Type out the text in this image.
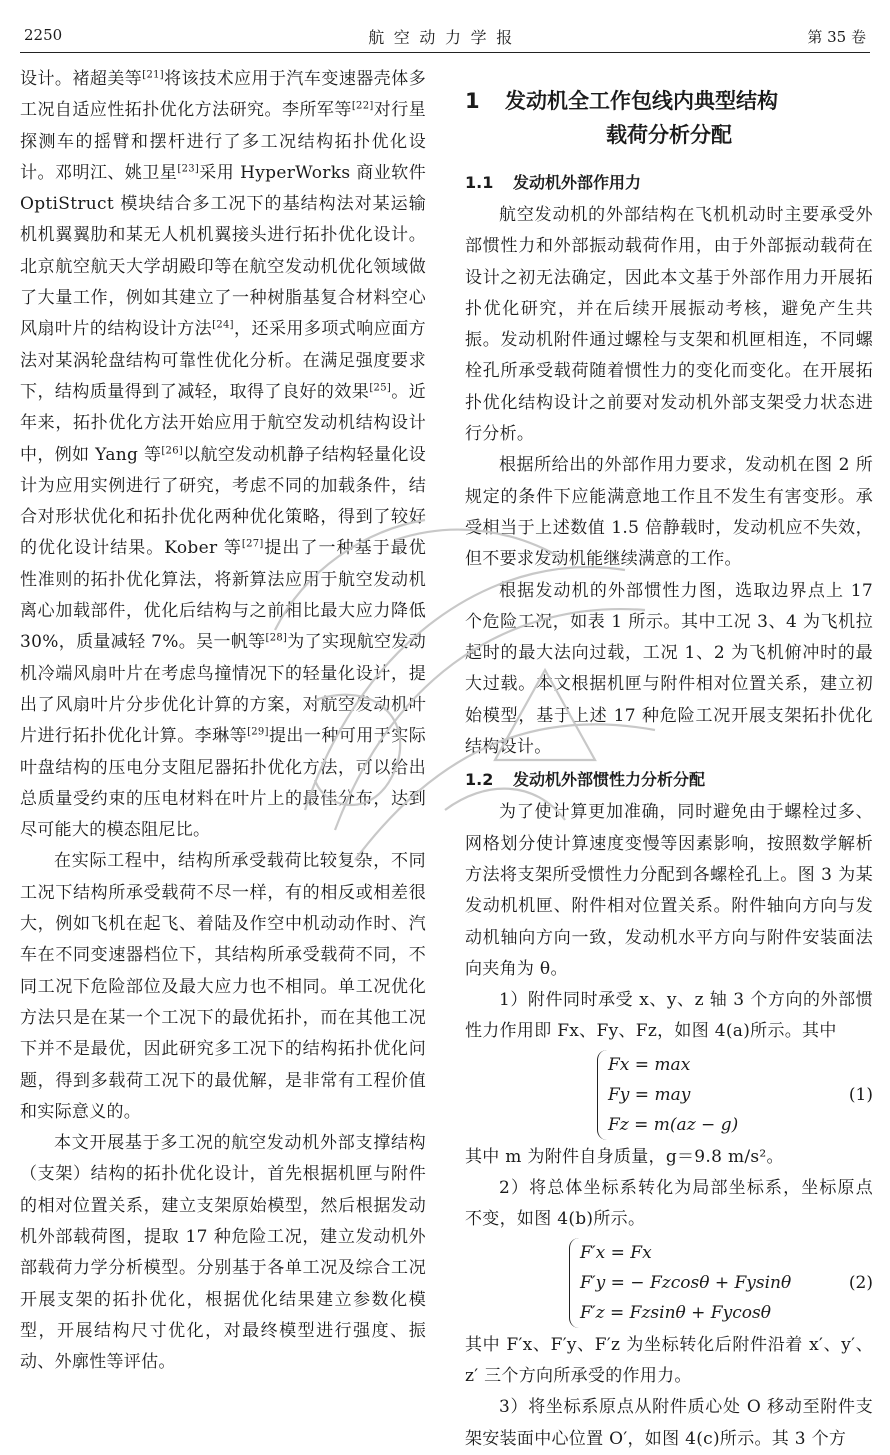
2250	航空动力学报	第 35 卷

设计。褚超美等[21]将该技术应用于汽车变速器壳体多工况自适应性拓扑优化方法研究。李所军等[22]对行星探测车的摇臂和摆杆进行了多工况结构拓扑优化设计。邓明江、姚卫星[23]采用 HyperWorks 商业软件 OptiStruct 模块结合多工况下的基结构法对某运输机机翼翼肋和某无人机机翼接头进行拓扑优化设计。北京航空航天大学胡殿印等在航空发动机优化领域做了大量工作，例如其建立了一种树脂基复合材料空心风扇叶片的结构设计方法[24]，还采用多项式响应面方法对某涡轮盘结构可靠性优化分析。在满足强度要求下，结构质量得到了减轻，取得了良好的效果[25]。近年来，拓扑优化方法开始应用于航空发动机结构设计中，例如 Yang 等[26]以航空发动机静子结构轻量化设计为应用实例进行了研究，考虑不同的加载条件，结合对形状优化和拓扑优化两种优化策略，得到了较好的优化设计结果。Kober 等[27]提出了一种基于最优性准则的拓扑优化算法，将新算法应用于航空发动机离心加载部件，优化后结构与之前相比最大应力降低 30%，质量减轻 7%。吴一帆等[28]为了实现航空发动机冷端风扇叶片在考虑鸟撞情况下的轻量化设计，提出了风扇叶片分步优化计算的方案，对航空发动机叶片进行拓扑优化计算。李琳等[29]提出一种可用于实际叶盘结构的压电分支阻尼器拓扑优化方法，可以给出总质量受约束的压电材料在叶片上的最佳分布，达到尽可能大的模态阻尼比。

在实际工程中，结构所承受载荷比较复杂，不同工况下结构所承受载荷不尽一样，有的相反或相差很大，例如飞机在起飞、着陆及作空中机动动作时、汽车在不同变速器档位下，其结构所承受载荷不同，不同工况下危险部位及最大应力也不相同。单工况优化方法只是在某一个工况下的最优拓扑，而在其他工况下并不是最优，因此研究多工况下的结构拓扑优化问题，得到多载荷工况下的最优解，是非常有工程价值和实际意义的。

本文开展基于多工况的航空发动机外部支撑结构（支架）结构的拓扑优化设计，首先根据机匣与附件的相对位置关系，建立支架原始模型，然后根据发动机外部载荷图，提取 17 种危险工况，建立发动机外部载荷力学分析模型。分别基于各单工况及综合工况开展支架的拓扑优化，根据优化结果建立参数化模型，开展结构尺寸优化，对最终模型进行强度、振动、外廓性等评估。

1 发动机全工作包线内典型结构
载荷分析分配
1.1 发动机外部作用力

航空发动机的外部结构在飞机机动时主要承受外部惯性力和外部振动载荷作用，由于外部振动载荷在设计之初无法确定，因此本文基于外部作用力开展拓扑优化研究，并在后续开展振动考核，避免产生共振。发动机附件通过螺栓与支架和机匣相连，不同螺栓孔所承受载荷随着惯性力的变化而变化。在开展拓扑优化结构设计之前要对发动机外部支架受力状态进行分析。

根据所给出的外部作用力要求，发动机在图 2 所规定的条件下应能满意地工作且不发生有害变形。承受相当于上述数值 1.5 倍静载时，发动机应不失效，但不要求发动机能继续满意的工作。

根据发动机的外部惯性力图，选取边界点上 17 个危险工况，如表 1 所示。其中工况 3、4 为飞机拉起时的最大法向过载，工况 1、2 为飞机俯冲时的最大过载。本文根据机匣与附件相对位置关系，建立初始模型，基于上述 17 种危险工况开展支架拓扑优化结构设计。

1.2 发动机外部惯性力分析分配

为了使计算更加准确，同时避免由于螺栓过多、网格划分使计算速度变慢等因素影响，按照数学解析方法将支架所受惯性力分配到各螺栓孔上。图 3 为某发动机机匣、附件相对位置关系。附件轴向方向与发动机轴向方向一致，发动机水平方向与附件安装面法向夹角为 θ。

1）附件同时承受 x、y、z 轴 3 个方向的外部惯性力作用即 Fx、Fy、Fz，如图 4(a)所示。其中

Fx = max
Fy = may
Fz = m(az − g)
(1)

其中 m 为附件自身质量，g＝9.8 m/s²。

2）将总体坐标系转化为局部坐标系，坐标原点不变，如图 4(b)所示。

F′x = Fx
F′y = − Fzcosθ + Fysinθ
F′z = Fzsinθ + Fycosθ
(2)

其中 F′x、F′y、F′z 为坐标转化后附件沿着 x′、y′、z′ 三个方向所承受的作用力。

3）将坐标系原点从附件质心处 O 移动至附件支架安装面中心位置 O′，如图 4(c)所示。其 3 个方
